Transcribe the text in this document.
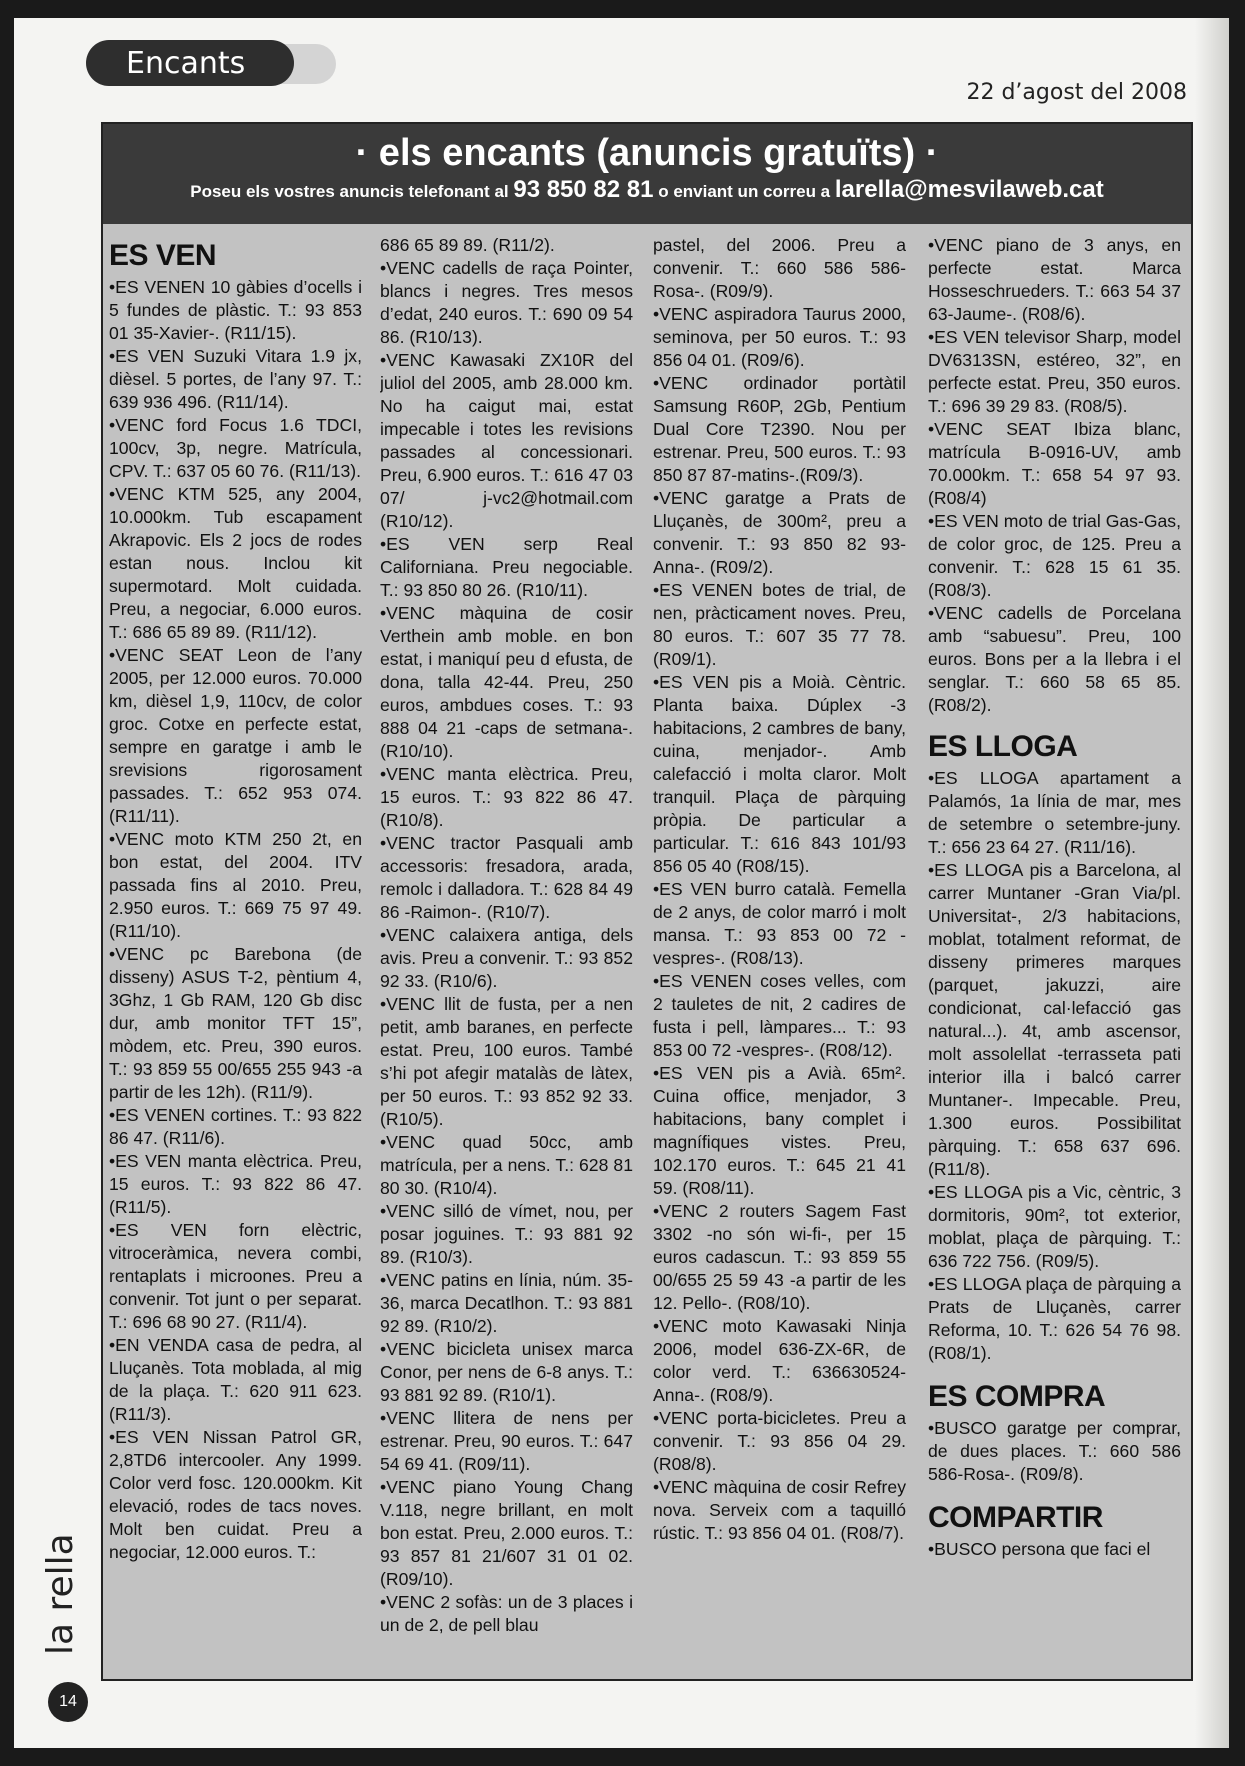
Encants
22 d’agost del 2008
· els encants (anuncis gratuïts) ·
Poseu els vostres anuncis telefonant al 93 850 82 81 o enviant un correu a larella@mesvilaweb.cat
ES VEN

•ES VENEN 10 gàbies d’ocells i 5 fundes de plàstic. T.: 93 853 01 35-Xavier-. (R11/15).

•ES VEN Suzuki Vitara 1.9 jx, dièsel. 5 portes, de l’any 97. T.: 639 936 496. (R11/14).

•VENC ford Focus 1.6 TDCI, 100cv, 3p, negre. Matrícula, CPV. T.: 637 05 60 76. (R11/13).

•VENC KTM 525, any 2004, 10.000km. Tub escapament Akrapovic. Els 2 jocs de rodes estan nous. Inclou kit supermotard. Molt cuidada. Preu, a negociar, 6.000 euros. T.: 686 65 89 89. (R11/12).

•VENC SEAT Leon de l’any 2005, per 12.000 euros. 70.000 km, dièsel 1,9, 110cv, de color groc. Cotxe en perfecte estat, sempre en garatge i amb le srevisions rigorosament passades. T.: 652 953 074. (R11/11).

•VENC moto KTM 250 2t, en bon estat, del 2004. ITV passada fins al 2010. Preu, 2.950 euros. T.: 669 75 97 49. (R11/10).

•VENC pc Barebona (de disseny) ASUS T-2, pèntium 4, 3Ghz, 1 Gb RAM, 120 Gb disc dur, amb monitor TFT 15”, mòdem, etc. Preu, 390 euros. T.: 93 859 55 00/655 255 943 -a partir de les 12h). (R11/9).

•ES VENEN cortines. T.: 93 822 86 47. (R11/6).

•ES VEN manta elèctrica. Preu, 15 euros. T.: 93 822 86 47. (R11/5).

•ES VEN forn elèctric, vitroceràmica, nevera combi, rentaplats i microones. Preu a convenir. Tot junt o per separat. T.: 696 68 90 27. (R11/4).

•EN VENDA casa de pedra, al Lluçanès. Tota moblada, al mig de la plaça. T.: 620 911 623. (R11/3).

•ES VEN Nissan Patrol GR, 2,8TD6 intercooler. Any 1999. Color verd fosc. 120.000km. Kit elevació, rodes de tacs noves. Molt ben cuidat. Preu a negociar, 12.000 euros. T.:

686 65 89 89. (R11/2).

•VENC cadells de raça Pointer, blancs i negres. Tres mesos d’edat, 240 euros. T.: 690 09 54 86. (R10/13).

•VENC Kawasaki ZX10R del juliol del 2005, amb 28.000 km. No ha caigut mai, estat impecable i totes les revisions passades al concessionari. Preu, 6.900 euros. T.: 616 47 03 07/ j-vc2@hotmail.com (R10/12).

•ES VEN serp Real Californiana. Preu negociable. T.: 93 850 80 26. (R10/11).

•VENC màquina de cosir Verthein amb moble. en bon estat, i maniquí peu d efusta, de dona, talla 42-44. Preu, 250 euros, ambdues coses. T.: 93 888 04 21 -caps de setmana-. (R10/10).

•VENC manta elèctrica. Preu, 15 euros. T.: 93 822 86 47. (R10/8).

•VENC tractor Pasquali amb accessoris: fresadora, arada, remolc i dalladora. T.: 628 84 49 86 -Raimon-. (R10/7).

•VENC calaixera antiga, dels avis. Preu a convenir. T.: 93 852 92 33. (R10/6).

•VENC llit de fusta, per a nen petit, amb baranes, en perfecte estat. Preu, 100 euros. També s’hi pot afegir matalàs de làtex, per 50 euros. T.: 93 852 92 33. (R10/5).

•VENC quad 50cc, amb matrícula, per a nens. T.: 628 81 80 30. (R10/4).

•VENC silló de vímet, nou, per posar joguines. T.: 93 881 92 89. (R10/3).

•VENC patins en línia, núm. 35-36, marca Decatlhon. T.: 93 881 92 89. (R10/2).

•VENC bicicleta unisex marca Conor, per nens de 6-8 anys. T.: 93 881 92 89. (R10/1).

•VENC llitera de nens per estrenar. Preu, 90 euros. T.: 647 54 69 41. (R09/11).

•VENC piano Young Chang V.118, negre brillant, en molt bon estat. Preu, 2.000 euros. T.: 93 857 81 21/607 31 01 02. (R09/10).

•VENC 2 sofàs: un de 3 places i un de 2, de pell blau

pastel, del 2006. Preu a convenir. T.: 660 586 586-Rosa-. (R09/9).

•VENC aspiradora Taurus 2000, seminova, per 50 euros. T.: 93 856 04 01. (R09/6).

•VENC ordinador portàtil Samsung R60P, 2Gb, Pentium Dual Core T2390. Nou per estrenar. Preu, 500 euros. T.: 93 850 87 87-matins-.(R09/3).

•VENC garatge a Prats de Lluçanès, de 300m², preu a convenir. T.: 93 850 82 93-Anna-. (R09/2).

•ES VENEN botes de trial, de nen, pràcticament noves. Preu, 80 euros. T.: 607 35 77 78. (R09/1).

•ES VEN pis a Moià. Cèntric. Planta baixa. Dúplex -3 habitacions, 2 cambres de bany, cuina, menjador-. Amb calefacció i molta claror. Molt tranquil. Plaça de pàrquing pròpia. De particular a particular. T.: 616 843 101/93 856 05 40 (R08/15).

•ES VEN burro català. Femella de 2 anys, de color marró i molt mansa. T.: 93 853 00 72 -vespres-. (R08/13).

•ES VENEN coses velles, com 2 tauletes de nit, 2 cadires de fusta i pell, làmpares... T.: 93 853 00 72 -vespres-. (R08/12).

•ES VEN pis a Avià. 65m². Cuina office, menjador, 3 habitacions, bany complet i magnífiques vistes. Preu, 102.170 euros. T.: 645 21 41 59. (R08/11).

•VENC 2 routers Sagem Fast 3302 -no són wi-fi-, per 15 euros cadascun. T.: 93 859 55 00/655 25 59 43 -a partir de les 12. Pello-. (R08/10).

•VENC moto Kawasaki Ninja 2006, model 636-ZX-6R, de color verd. T.: 636630524-Anna-. (R08/9).

•VENC porta-bicicletes. Preu a convenir. T.: 93 856 04 29. (R08/8).

•VENC màquina de cosir Refrey nova. Serveix com a taquilló rústic. T.: 93 856 04 01. (R08/7).

•VENC piano de 3 anys, en perfecte estat. Marca Hosseschrueders. T.: 663 54 37 63-Jaume-. (R08/6).

•ES VEN televisor Sharp, model DV6313SN, estéreo, 32”, en perfecte estat. Preu, 350 euros. T.: 696 39 29 83. (R08/5).

•VENC SEAT Ibiza blanc, matrícula B-0916-UV, amb 70.000km. T.: 658 54 97 93. (R08/4)

•ES VEN moto de trial Gas-Gas, de color groc, de 125. Preu a convenir. T.: 628 15 61 35. (R08/3).

•VENC cadells de Porcelana amb “sabuesu”. Preu, 100 euros. Bons per a la llebra i el senglar. T.: 660 58 65 85. (R08/2).

ES LLOGA

•ES LLOGA apartament a Palamós, 1a línia de mar, mes de setembre o setembre-juny. T.: 656 23 64 27. (R11/16).

•ES LLOGA pis a Barcelona, al carrer Muntaner -Gran Via/pl. Universitat-, 2/3 habitacions, moblat, totalment reformat, de disseny primeres marques (parquet, jakuzzi, aire condicionat, cal·lefacció gas natural...). 4t, amb ascensor, molt assolellat -terrasseta pati interior illa i balcó carrer Muntaner-. Impecable. Preu, 1.300 euros. Possibilitat pàrquing. T.: 658 637 696. (R11/8).

•ES LLOGA pis a Vic, cèntric, 3 dormitoris, 90m², tot exterior, moblat, plaça de pàrquing. T.: 636 722 756. (R09/5).

•ES LLOGA plaça de pàrquing a Prats de Lluçanès, carrer Reforma, 10. T.: 626 54 76 98. (R08/1).

ES COMPRA

•BUSCO garatge per comprar, de dues places. T.: 660 586 586-Rosa-. (R09/8).

COMPARTIR

•BUSCO persona que faci el

la rella
14
